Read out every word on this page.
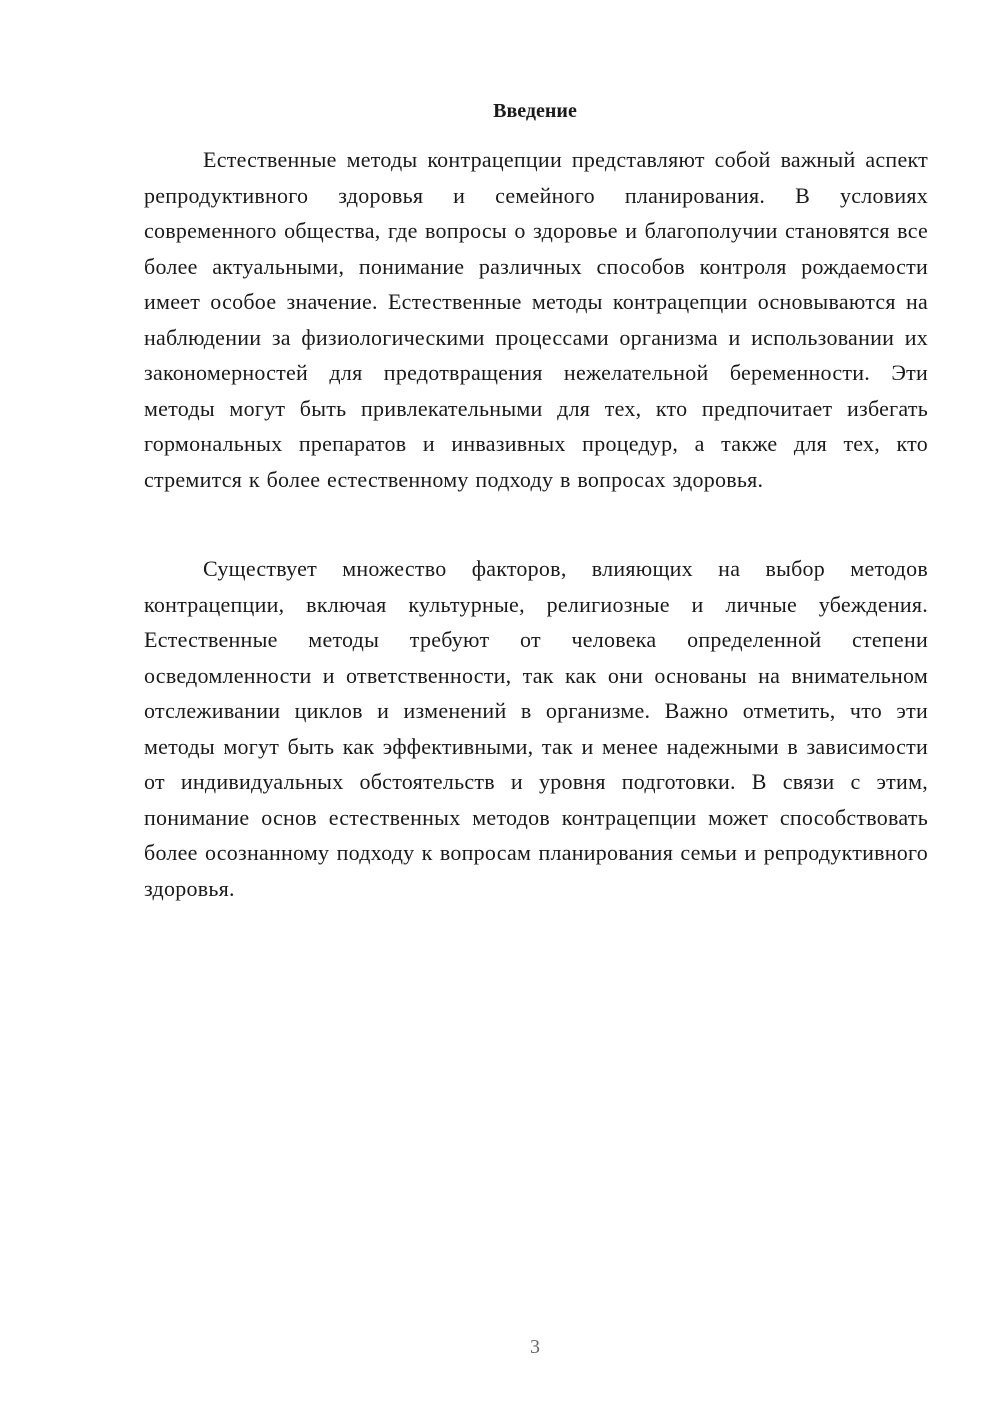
Введение

Естественные методы контрацепции представляют собой важный аспект репродуктивного здоровья и семейного планирования. В условиях современного общества, где вопросы о здоровье и благополучии становятся все более актуальными, понимание различных способов контроля рождаемости имеет особое значение. Естественные методы контрацепции основываются на наблюдении за физиологическими процессами организма и использовании их закономерностей для предотвращения нежелательной беременности. Эти методы могут быть привлекательными для тех, кто предпочитает избегать гормональных препаратов и инвазивных процедур, а также для тех, кто стремится к более естественному подходу в вопросах здоровья.

Существует множество факторов, влияющих на выбор методов контрацепции, включая культурные, религиозные и личные убеждения. Естественные методы требуют от человека определенной степени осведомленности и ответственности, так как они основаны на внимательном отслеживании циклов и изменений в организме. Важно отметить, что эти методы могут быть как эффективными, так и менее надежными в зависимости от индивидуальных обстоятельств и уровня подготовки. В связи с этим, понимание основ естественных методов контрацепции может способствовать более осознанному подходу к вопросам планирования семьи и репродуктивного здоровья.

3
